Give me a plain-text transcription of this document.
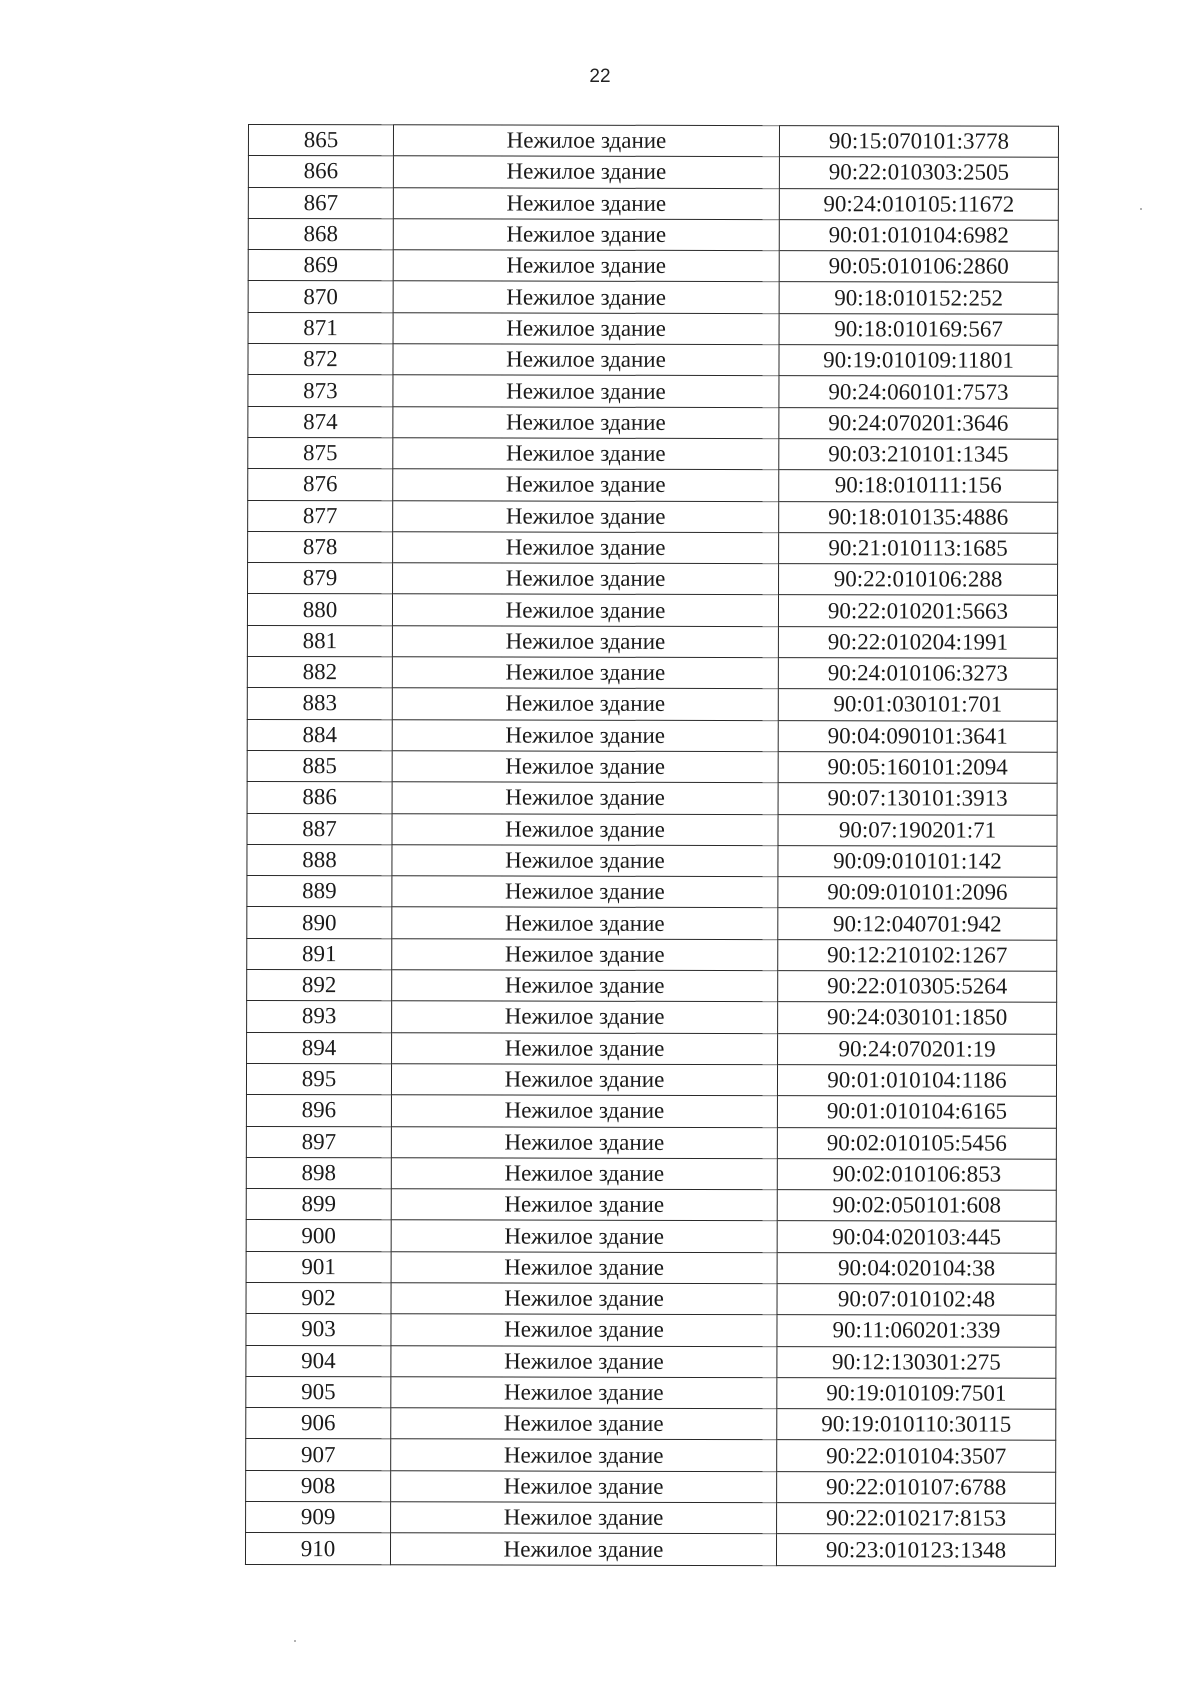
22
865	Нежилое здание	90:15:070101:3778
866	Нежилое здание	90:22:010303:2505
867	Нежилое здание	90:24:010105:11672
868	Нежилое здание	90:01:010104:6982
869	Нежилое здание	90:05:010106:2860
870	Нежилое здание	90:18:010152:252
871	Нежилое здание	90:18:010169:567
872	Нежилое здание	90:19:010109:11801
873	Нежилое здание	90:24:060101:7573
874	Нежилое здание	90:24:070201:3646
875	Нежилое здание	90:03:210101:1345
876	Нежилое здание	90:18:010111:156
877	Нежилое здание	90:18:010135:4886
878	Нежилое здание	90:21:010113:1685
879	Нежилое здание	90:22:010106:288
880	Нежилое здание	90:22:010201:5663
881	Нежилое здание	90:22:010204:1991
882	Нежилое здание	90:24:010106:3273
883	Нежилое здание	90:01:030101:701
884	Нежилое здание	90:04:090101:3641
885	Нежилое здание	90:05:160101:2094
886	Нежилое здание	90:07:130101:3913
887	Нежилое здание	90:07:190201:71
888	Нежилое здание	90:09:010101:142
889	Нежилое здание	90:09:010101:2096
890	Нежилое здание	90:12:040701:942
891	Нежилое здание	90:12:210102:1267
892	Нежилое здание	90:22:010305:5264
893	Нежилое здание	90:24:030101:1850
894	Нежилое здание	90:24:070201:19
895	Нежилое здание	90:01:010104:1186
896	Нежилое здание	90:01:010104:6165
897	Нежилое здание	90:02:010105:5456
898	Нежилое здание	90:02:010106:853
899	Нежилое здание	90:02:050101:608
900	Нежилое здание	90:04:020103:445
901	Нежилое здание	90:04:020104:38
902	Нежилое здание	90:07:010102:48
903	Нежилое здание	90:11:060201:339
904	Нежилое здание	90:12:130301:275
905	Нежилое здание	90:19:010109:7501
906	Нежилое здание	90:19:010110:30115
907	Нежилое здание	90:22:010104:3507
908	Нежилое здание	90:22:010107:6788
909	Нежилое здание	90:22:010217:8153
910	Нежилое здание	90:23:010123:1348
